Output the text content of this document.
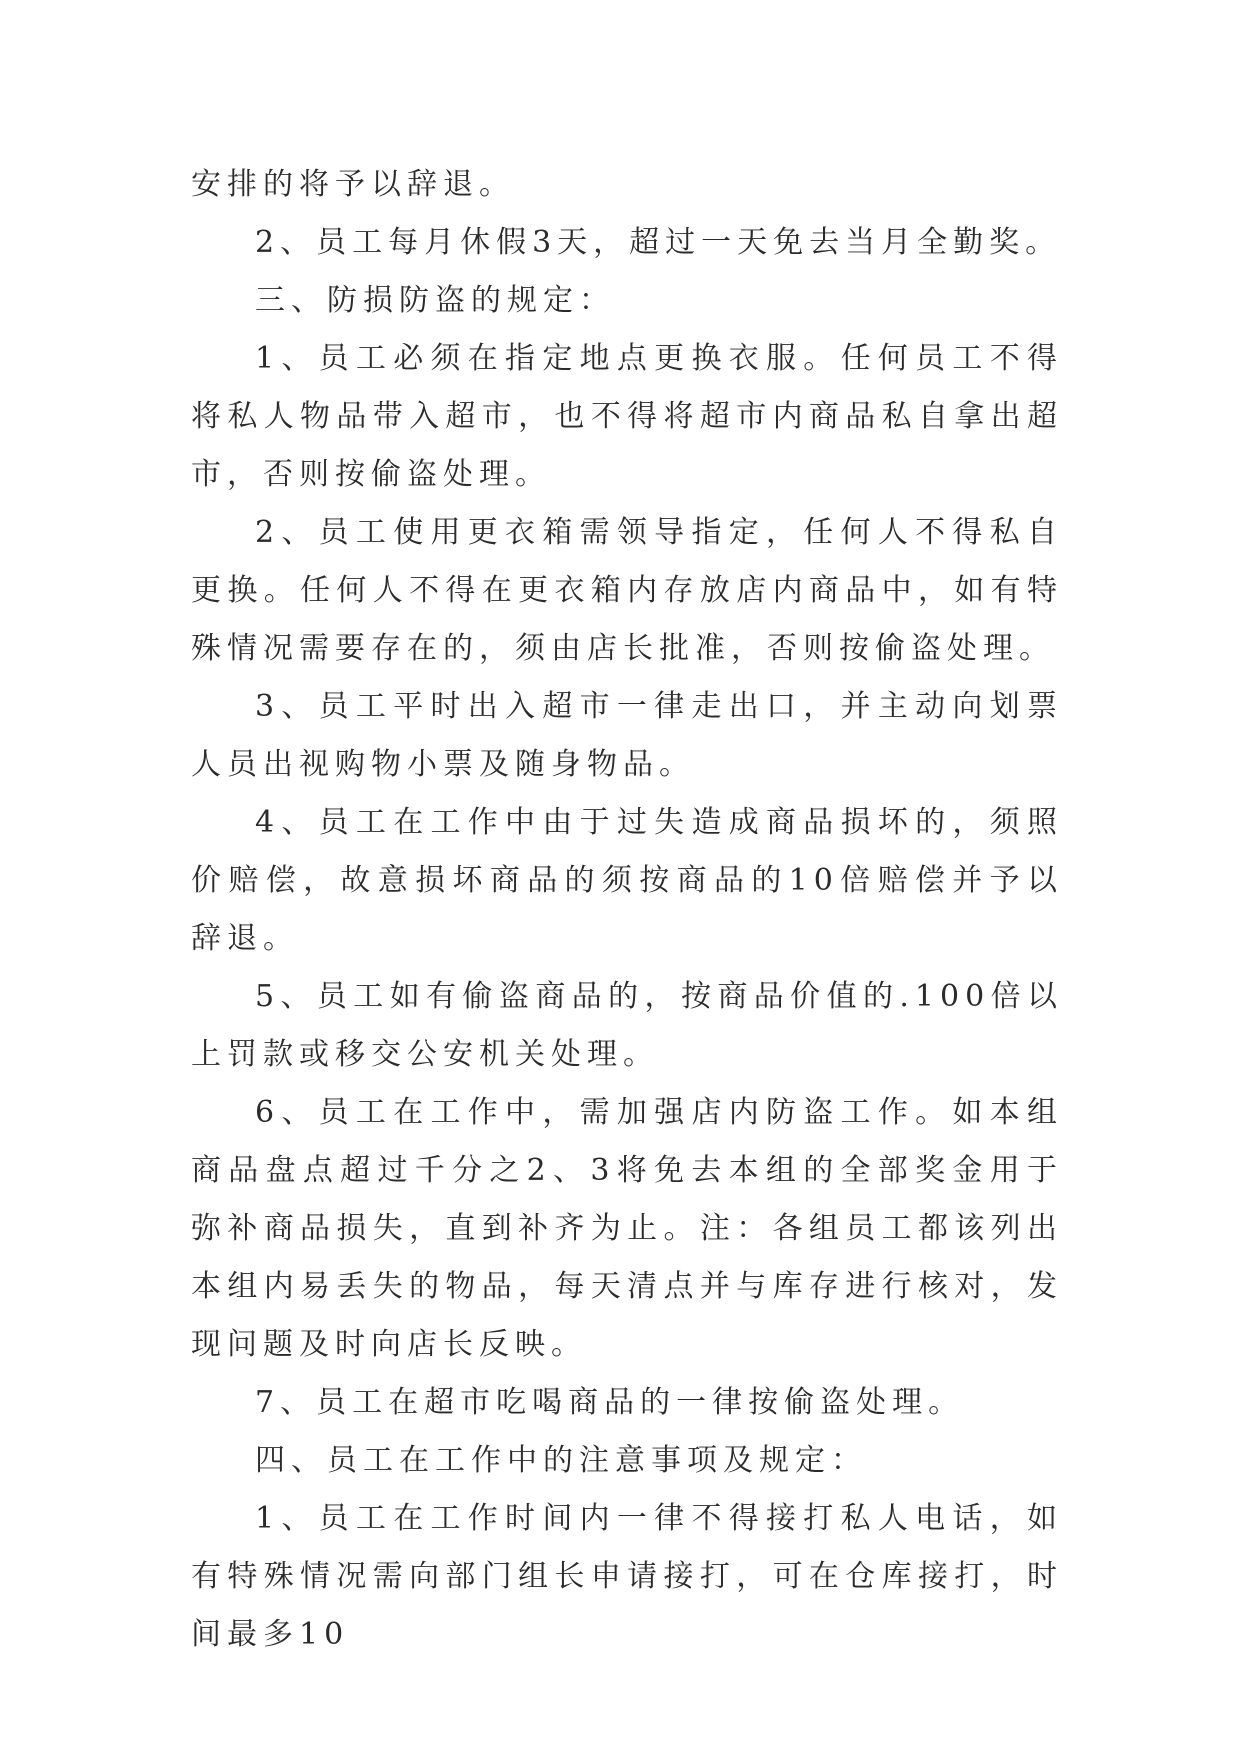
安排的将予以辞退。

2、员工每月休假3天，超过一天免去当月全勤奖。

三、防损防盗的规定：

1、员工必须在指定地点更换衣服。任何员工不得将私人物品带入超市，也不得将超市内商品私自拿出超市，否则按偷盗处理。

2、员工使用更衣箱需领导指定，任何人不得私自更换。任何人不得在更衣箱内存放店内商品中，如有特殊情况需要存在的，须由店长批准，否则按偷盗处理。

3、员工平时出入超市一律走出口，并主动向划票人员出视购物小票及随身物品。

4、员工在工作中由于过失造成商品损坏的，须照价赔偿，故意损坏商品的须按商品的10倍赔偿并予以辞退。

5、员工如有偷盗商品的，按商品价值的.100倍以上罚款或移交公安机关处理。

6、员工在工作中，需加强店内防盗工作。如本组商品盘点超过千分之2、3将免去本组的全部奖金用于弥补商品损失，直到补齐为止。注：各组员工都该列出本组内易丢失的物品，每天清点并与库存进行核对，发现问题及时向店长反映。

7、员工在超市吃喝商品的一律按偷盗处理。

四、员工在工作中的注意事项及规定：

1、员工在工作时间内一律不得接打私人电话，如有特殊情况需向部门组长申请接打，可在仓库接打，时间最多10
